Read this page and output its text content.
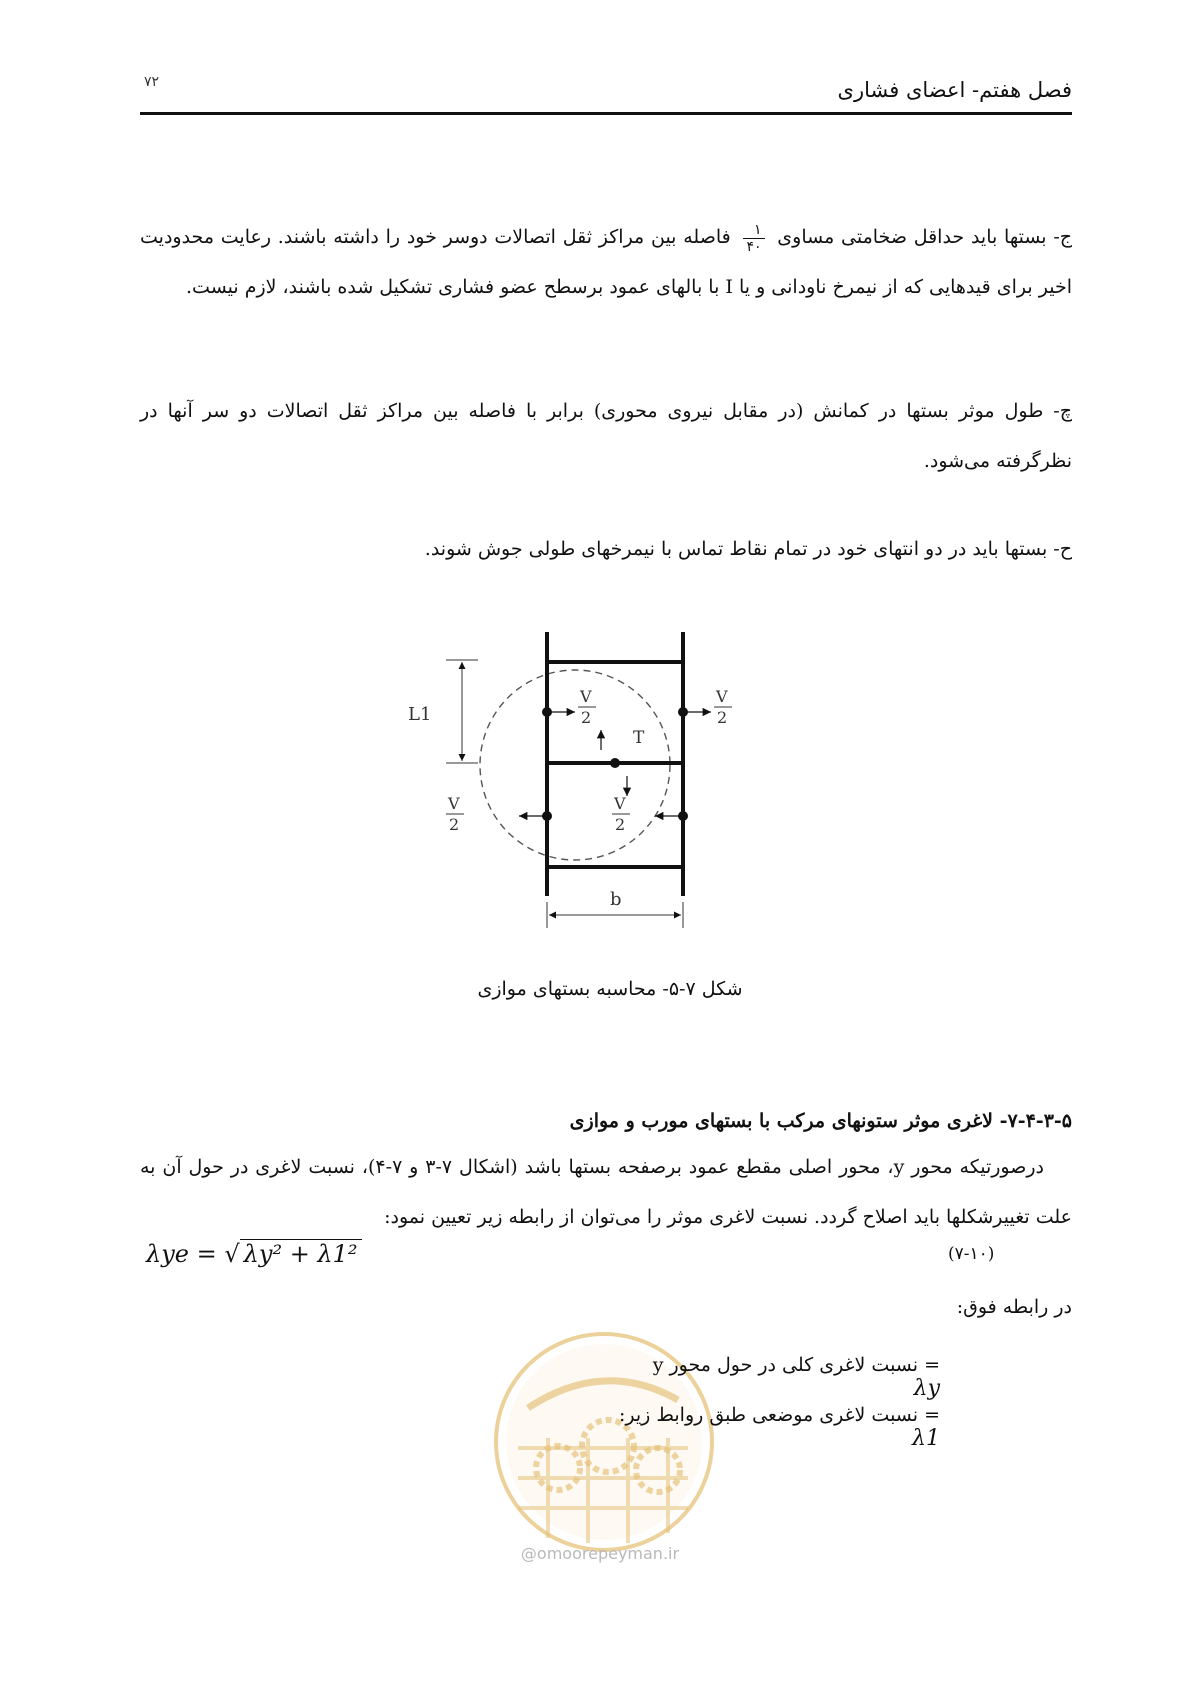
۷۲	فصل هفتم- اعضای فشاری
ج- بستها باید حداقل ضخامتی مساوی
$\frac{۱}{۴۰}$
فاصله بین مراکز ثقل اتصالات دوسر خود را داشته باشند. رعایت محدودیت اخیر برای قیدهایی که از نیمرخ ناودانی و یا I با بالهای عمود برسطح عضو فشاری تشکیل شده باشند، لازم نیست.
چ- طول موثر بستها در کمانش (در مقابل نیروی محوری) برابر با فاصله بین مراکز ثقل اتصالات دو سر آنها در نظرگرفته می‌شود.
ح- بستها باید در دو انتهای خود در تمام نقاط تماس با نیمرخهای طولی جوش شوند.
L1
V
2
V
2
V
2
V
2
T
b
شکل ۷-۵- محاسبه بستهای موازی
۷-۴-۳-۵- لاغری موثر ستونهای مرکب با بستهای مورب و موازی
درصورتیکه محور y، محور اصلی مقطع عمود برصفحه بستها باشد (اشکال ۷-۳ و ۷-۴)، نسبت لاغری در حول آن به علت تغییرشکلها باید اصلاح گردد. نسبت لاغری موثر را می‌توان از رابطه زیر تعیین نمود:
λye = √ λy² + λ1²	(۷-۱۰)
در رابطه فوق:
= نسبت لاغری کلی در حول محور y λy
= نسبت لاغری موضعی طبق روابط زیر: λ1
@omoorepeyman.ir
